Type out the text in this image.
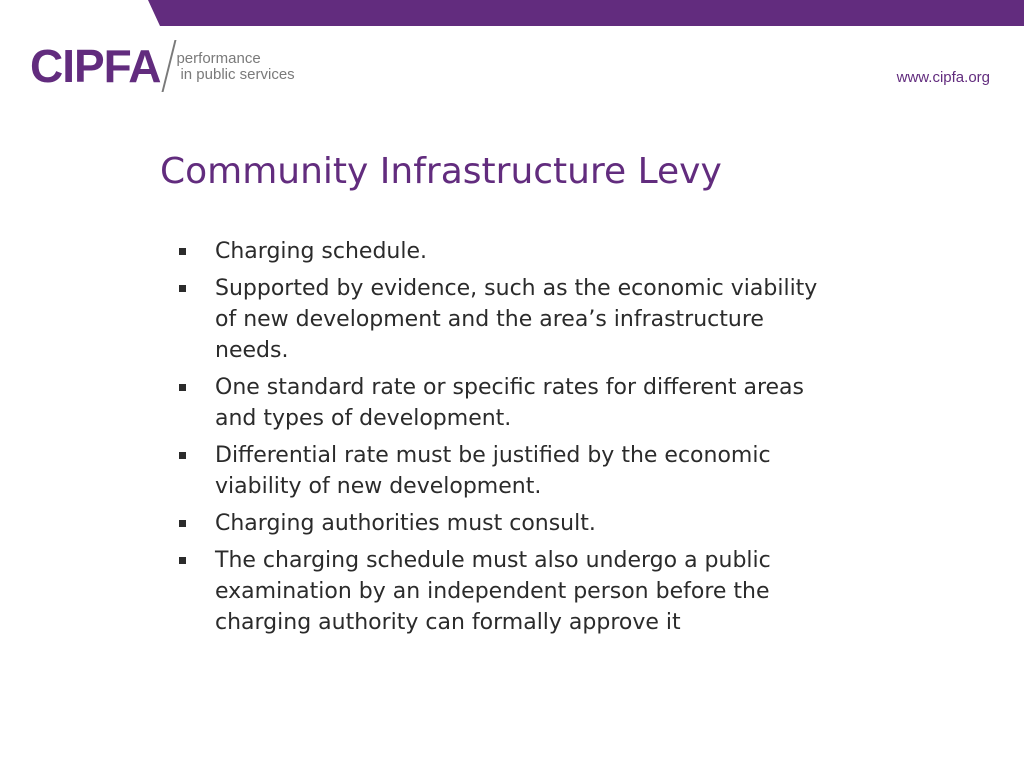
CIPFA performance
in public services	www.cipfa.org
Community Infrastructure Levy
Charging schedule.
Supported by evidence, such as the economic viability
of new development and the area’s infrastructure
needs.
One standard rate or specific rates for different areas
and types of development.
Differential rate must be justified by the economic
viability of new development.
Charging authorities must consult.
The charging schedule must also undergo a public
examination by an independent person before the
charging authority can formally approve it
